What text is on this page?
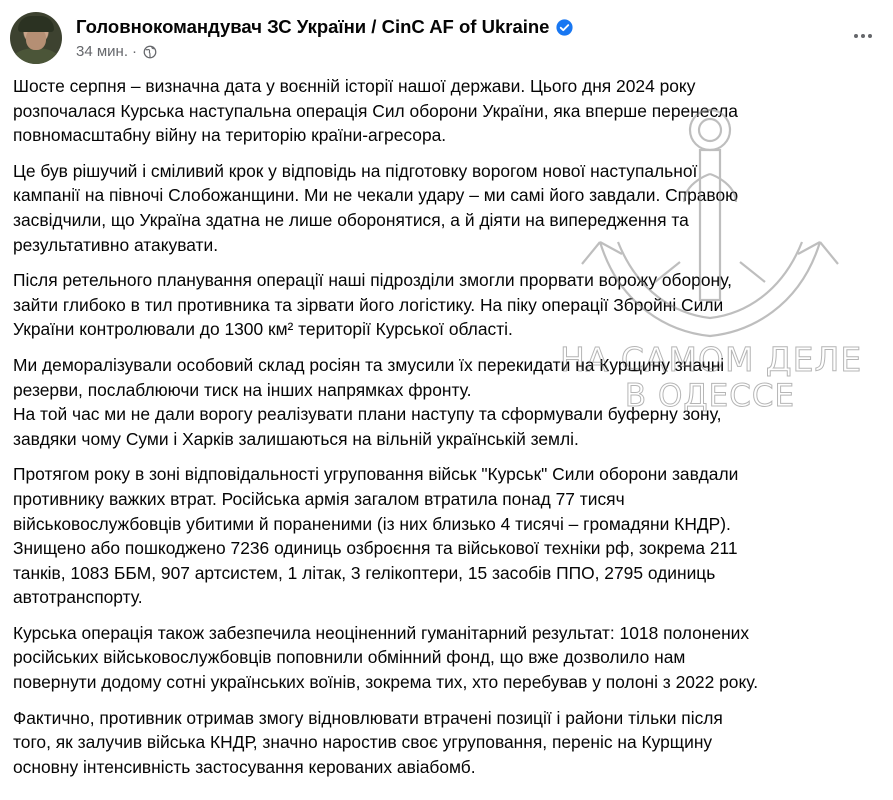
Головнокомандувач ЗС України / CinC AF of Ukraine
34 мин. ·

Шосте серпня – визначна дата у воєнній історії нашої держави. Цього дня 2024 року
розпочалася Курська наступальна операція Сил оборони України, яка вперше перенесла
повномасштабну війну на територію країни-агресора.

Це був рішучий і сміливий крок у відповідь на підготовку ворогом нової наступальної
кампанії на півночі Слобожанщини. Ми не чекали удару – ми самі його завдали. Справою
засвідчили, що Україна здатна не лише оборонятися, а й діяти на випередження та
результативно атакувати.

Після ретельного планування операції наші підрозділи змогли прорвати ворожу оборону,
зайти глибоко в тил противника та зірвати його логістику. На піку операції Збройні Сили
України контролювали до 1300 км² території Курської області.

Ми деморалізували особовий склад росіян та змусили їх перекидати на Курщину значні
резерви, послаблюючи тиск на інших напрямках фронту.

На той час ми не дали ворогу реалізувати плани наступу та сформували буферну зону,
завдяки чому Суми і Харків залишаються на вільній українській землі.

Протягом року в зоні відповідальності угруповання військ "Курськ" Сили оборони завдали
противнику важких втрат. Російська армія загалом втратила понад 77 тисяч
військовослужбовців убитими й пораненими (із них близько 4 тисячі – громадяни КНДР).
Знищено або пошкоджено 7236 одиниць озброєння та військової техніки рф, зокрема 211
танків, 1083 ББМ, 907 артсистем, 1 літак, 3 гелікоптери, 15 засобів ППО, 2795 одиниць
автотранспорту.

Курська операція також забезпечила неоціненний гуманітарний результат: 1018 полонених
російських військовослужбовців поповнили обмінний фонд, що вже дозволило нам
повернути додому сотні українських воїнів, зокрема тих, хто перебував у полоні з 2022 року.

Фактично, противник отримав змогу відновлювати втрачені позиції і райони тільки після
того, як залучив війська КНДР, значно наростив своє угруповання, переніс на Курщину
основну інтенсивність застосування керованих авіабомб.

НА САМОМ ДЕЛЕ
В ОДЕССЕ
